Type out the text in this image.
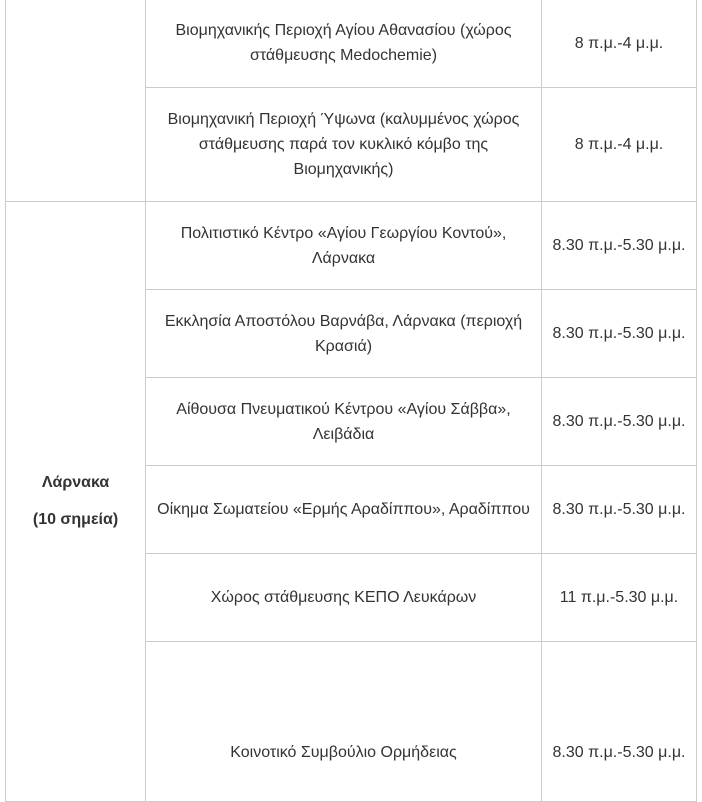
	Βιομηχανικής Περιοχή Αγίου Αθανασίου (χώρος στάθμευσης Medochemie)	8 π.μ.-4 μ.μ.
	Βιομηχανική Περιοχή Ύψωνα (καλυμμένος χώρος στάθμευσης παρά τον κυκλικό κόμβο της Βιομηχανικής)	8 π.μ.-4 μ.μ.

Λάρνακα
(10 σημεία)	Πολιτιστικό Κέντρο «Αγίου Γεωργίου Κοντού», Λάρνακα	8.30 π.μ.-5.30 μ.μ.
	Εκκλησία Αποστόλου Βαρνάβα, Λάρνακα (περιοχή Κρασιά)	8.30 π.μ.-5.30 μ.μ.
	Αίθουσα Πνευματικού Κέντρου «Αγίου Σάββα», Λειβάδια	8.30 π.μ.-5.30 μ.μ.
	Οίκημα Σωματείου «Ερμής Αραδίππου», Αραδίππου	8.30 π.μ.-5.30 μ.μ.
	Χώρος στάθμευσης ΚΕΠΟ Λευκάρων	11 π.μ.-5.30 μ.μ.

	Κοινοτικό Συμβούλιο Ορμήδειας	8.30 π.μ.-5.30 μ.μ.
